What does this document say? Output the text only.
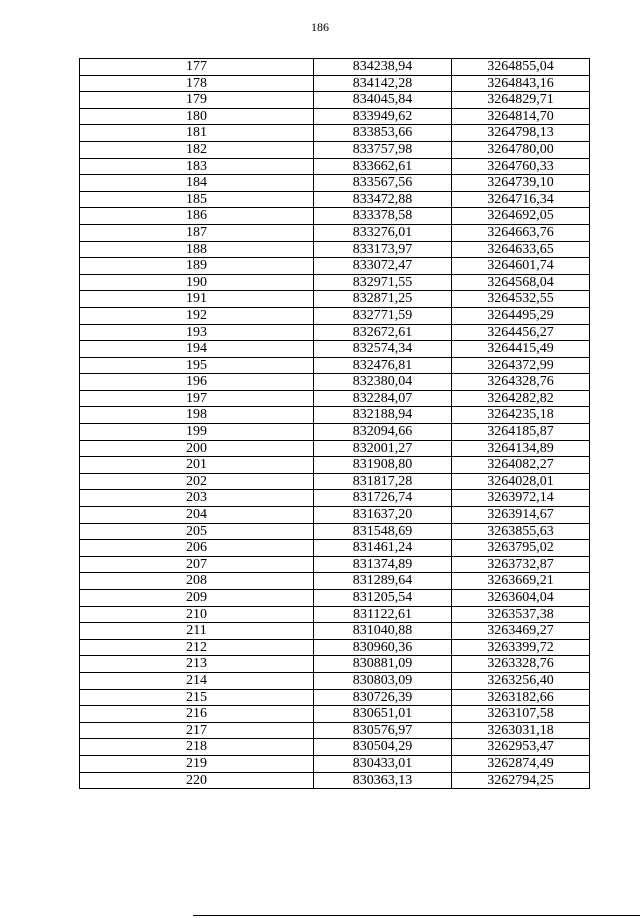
186
177	834238,94	3264855,04
178	834142,28	3264843,16
179	834045,84	3264829,71
180	833949,62	3264814,70
181	833853,66	3264798,13
182	833757,98	3264780,00
183	833662,61	3264760,33
184	833567,56	3264739,10
185	833472,88	3264716,34
186	833378,58	3264692,05
187	833276,01	3264663,76
188	833173,97	3264633,65
189	833072,47	3264601,74
190	832971,55	3264568,04
191	832871,25	3264532,55
192	832771,59	3264495,29
193	832672,61	3264456,27
194	832574,34	3264415,49
195	832476,81	3264372,99
196	832380,04	3264328,76
197	832284,07	3264282,82
198	832188,94	3264235,18
199	832094,66	3264185,87
200	832001,27	3264134,89
201	831908,80	3264082,27
202	831817,28	3264028,01
203	831726,74	3263972,14
204	831637,20	3263914,67
205	831548,69	3263855,63
206	831461,24	3263795,02
207	831374,89	3263732,87
208	831289,64	3263669,21
209	831205,54	3263604,04
210	831122,61	3263537,38
211	831040,88	3263469,27
212	830960,36	3263399,72
213	830881,09	3263328,76
214	830803,09	3263256,40
215	830726,39	3263182,66
216	830651,01	3263107,58
217	830576,97	3263031,18
218	830504,29	3262953,47
219	830433,01	3262874,49
220	830363,13	3262794,25
